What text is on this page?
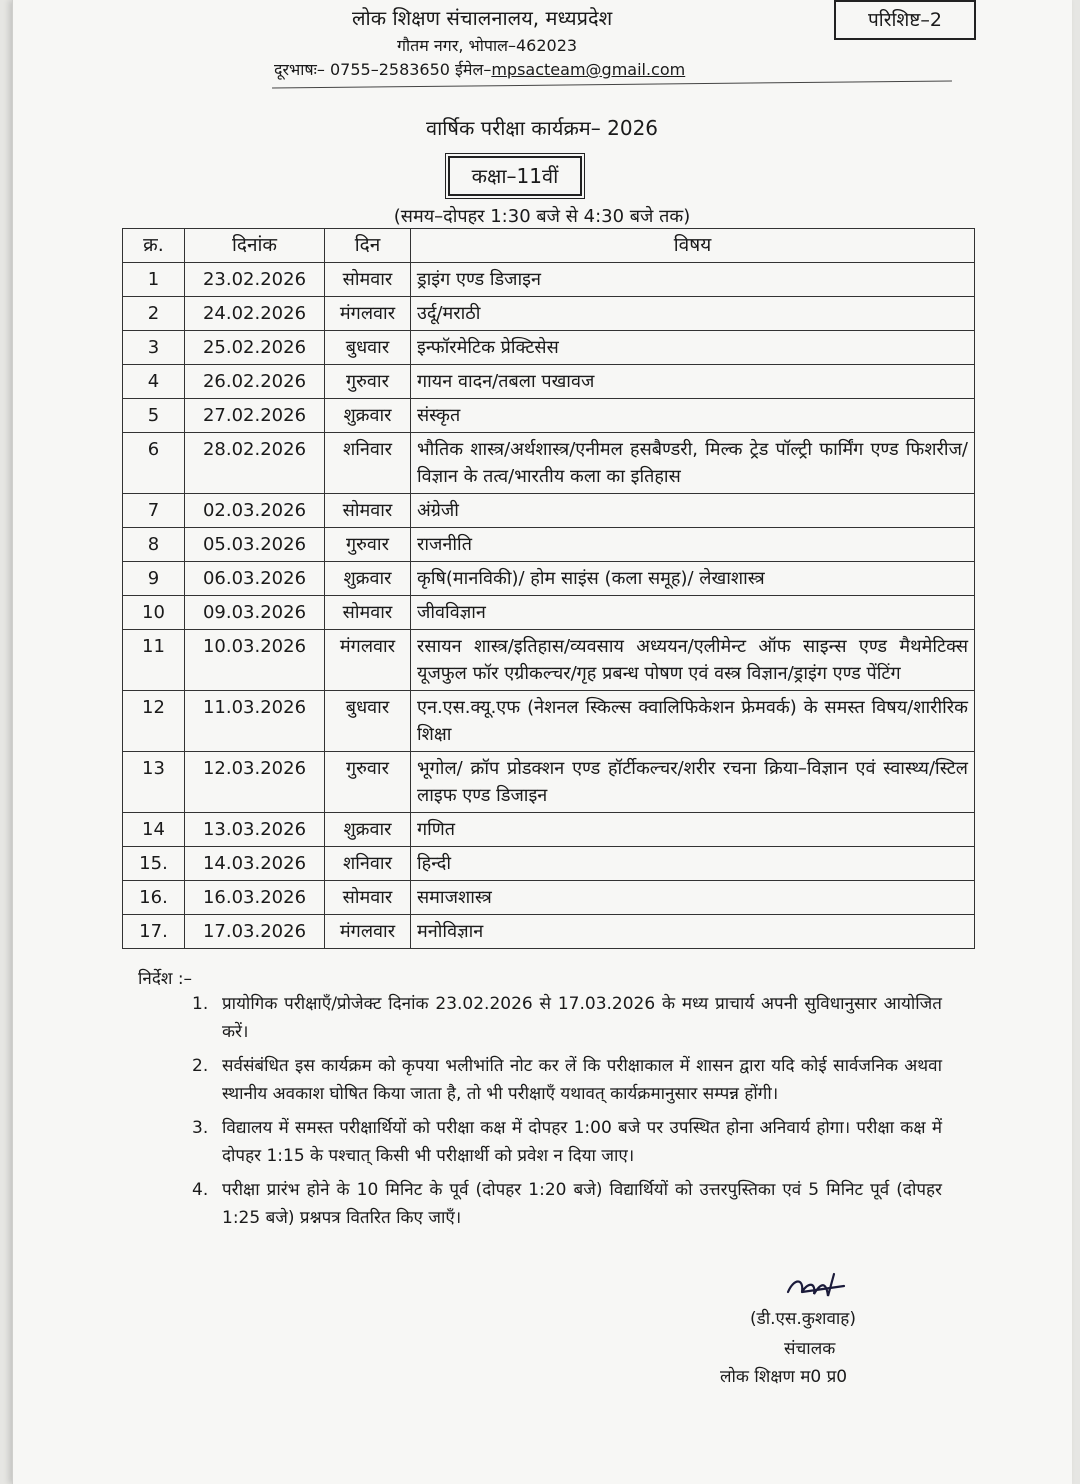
लोक शिक्षण संचालनालय, मध्यप्रदेश
गौतम नगर, भोपाल–462023
दूरभाषः– 0755–2583650 ईमेल–mpsacteam@gmail.com
परिशिष्ट–2
वार्षिक परीक्षा कार्यक्रम– 2026
कक्षा–11वीं
(समय–दोपहर 1:30 बजे से 4:30 बजे तक)
क्र.	दिनांक	दिन	विषय
1	23.02.2026	सोमवार	ड्राइंग एण्ड डिजाइन
2	24.02.2026	मंगलवार	उर्दू/मराठी
3	25.02.2026	बुधवार	इन्फॉरमेटिक प्रेक्टिसेस
4	26.02.2026	गुरुवार	गायन वादन/तबला पखावज
5	27.02.2026	शुक्रवार	संस्कृत
6	28.02.2026	शनिवार	भौतिक शास्त्र/अर्थशास्त्र/एनीमल हसबैण्डरी, मिल्क ट्रेड पॉल्ट्री फार्मिंग एण्ड फिशरीज/विज्ञान के तत्व/भारतीय कला का इतिहास
7	02.03.2026	सोमवार	अंग्रेजी
8	05.03.2026	गुरुवार	राजनीति
9	06.03.2026	शुक्रवार	कृषि(मानविकी)/ होम साइंस (कला समूह)/ लेखाशास्त्र
10	09.03.2026	सोमवार	जीवविज्ञान
11	10.03.2026	मंगलवार	रसायन शास्त्र/इतिहास/व्यवसाय अध्ययन/एलीमेन्ट ऑफ साइन्स एण्ड मैथमेटिक्स यूजफुल फॉर एग्रीकल्चर/गृह प्रबन्ध पोषण एवं वस्त्र विज्ञान/ड्राइंग एण्ड पेंटिंग
12	11.03.2026	बुधवार	एन.एस.क्यू.एफ (नेशनल स्किल्स क्वालिफिकेशन फ्रेमवर्क) के समस्त विषय/शारीरिक शिक्षा
13	12.03.2026	गुरुवार	भूगोल/ क्रॉप प्रोडक्शन एण्ड हॉर्टीकल्चर/शरीर रचना क्रिया–विज्ञान एवं स्वास्थ्य/स्टिल लाइफ एण्ड डिजाइन
14	13.03.2026	शुक्रवार	गणित
15.	14.03.2026	शनिवार	हिन्दी
16.	16.03.2026	सोमवार	समाजशास्त्र
17.	17.03.2026	मंगलवार	मनोविज्ञान
निर्देश :–
1. प्रायोगिक परीक्षाएँ/प्रोजेक्ट दिनांक 23.02.2026 से 17.03.2026 के मध्य प्राचार्य अपनी सुविधानुसार आयोजित करें।
2. सर्वसंबंधित इस कार्यक्रम को कृपया भलीभांति नोट कर लें कि परीक्षाकाल में शासन द्वारा यदि कोई सार्वजनिक अथवा स्थानीय अवकाश घोषित किया जाता है, तो भी परीक्षाएँ यथावत् कार्यक्रमानुसार सम्पन्न होंगी।
3. विद्यालय में समस्त परीक्षार्थियों को परीक्षा कक्ष में दोपहर 1:00 बजे पर उपस्थित होना अनिवार्य होगा। परीक्षा कक्ष में दोपहर 1:15 के पश्चात् किसी भी परीक्षार्थी को प्रवेश न दिया जाए।
4. परीक्षा प्रारंभ होने के 10 मिनिट के पूर्व (दोपहर 1:20 बजे) विद्यार्थियों को उत्तरपुस्तिका एवं 5 मिनिट पूर्व (दोपहर 1:25 बजे) प्रश्नपत्र वितरित किए जाएँ।
(डी.एस.कुशवाह)
संचालक
लोक शिक्षण म0 प्र0
